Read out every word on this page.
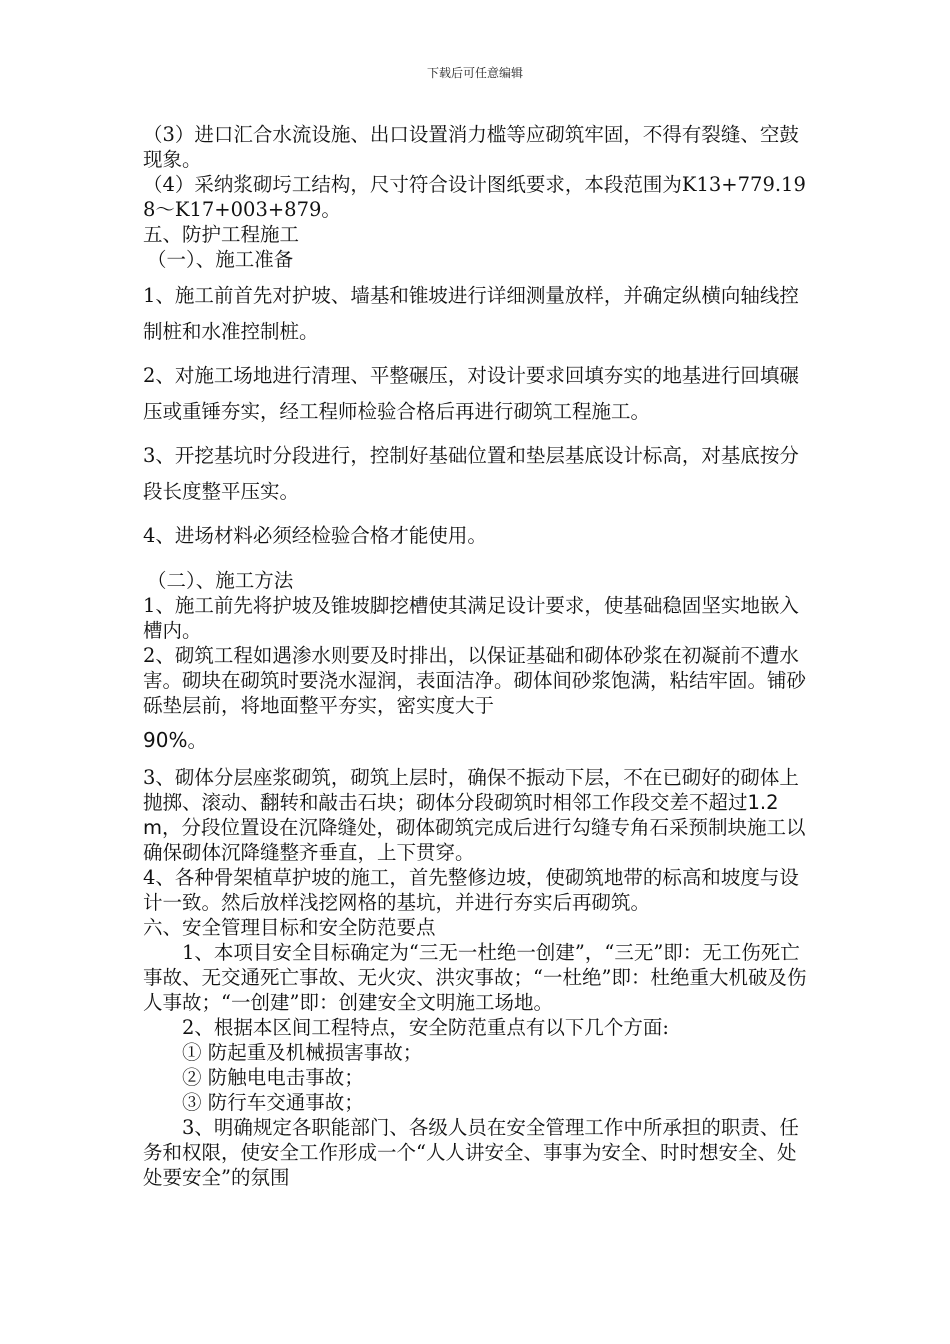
下载后可任意编辑

（3）进口汇合水流设施、出口设置消力槛等应砌筑牢固，不得有裂缝、空鼓现象。

（4）采纳浆砌圬工结构，尺寸符合设计图纸要求，本段范围为K13+779.198～K17+003+879。

五、防护工程施工

（一）、施工准备

1、施工前首先对护坡、墙基和锥坡进行详细测量放样，并确定纵横向轴线控制桩和水准控制桩。

2、对施工场地进行清理、平整碾压，对设计要求回填夯实的地基进行回填碾压或重锤夯实，经工程师检验合格后再进行砌筑工程施工。

3、开挖基坑时分段进行，控制好基础位置和垫层基底设计标高，对基底按分段长度整平压实。

4、进场材料必须经检验合格才能使用。

（二）、施工方法

1、施工前先将护坡及锥坡脚挖槽使其满足设计要求，使基础稳固坚实地嵌入槽内。

2、砌筑工程如遇渗水则要及时排出，以保证基础和砌体砂浆在初凝前不遭水害。砌块在砌筑时要浇水湿润，表面洁净。砌体间砂浆饱满，粘结牢固。铺砂砾垫层前，将地面整平夯实，密实度大于

90%。

3、砌体分层座浆砌筑，砌筑上层时，确保不振动下层，不在已砌好的砌体上抛掷、滚动、翻转和敲击石块；砌体分段砌筑时相邻工作段交差不超过1.2m，分段位置设在沉降缝处，砌体砌筑完成后进行勾缝专角石采预制块施工以确保砌体沉降缝整齐垂直，上下贯穿。

4、各种骨架植草护坡的施工，首先整修边坡，使砌筑地带的标高和坡度与设计一致。然后放样浅挖网格的基坑，并进行夯实后再砌筑。

六、安全管理目标和安全防范要点

1、本项目安全目标确定为“三无一杜绝一创建”，“三无”即：无工伤死亡事故、无交通死亡事故、无火灾、洪灾事故；“一杜绝”即：杜绝重大机破及伤人事故；“一创建”即：创建安全文明施工场地。

2、根据本区间工程特点，安全防范重点有以下几个方面:

① 防起重及机械损害事故；

② 防触电电击事故；

③ 防行车交通事故；

3、明确规定各职能部门、各级人员在安全管理工作中所承担的职责、任务和权限，使安全工作形成一个“人人讲安全、事事为安全、时时想安全、处处要安全”的氛围
